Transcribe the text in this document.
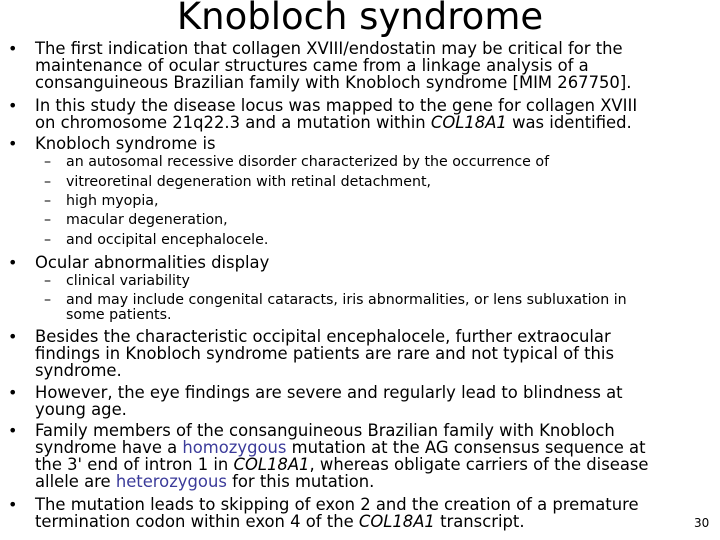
Knobloch syndrome
• The first indication that collagen XVIII/endostatin may be critical for the
maintenance of ocular structures came from a linkage analysis of a
consanguineous Brazilian family with Knobloch syndrome [MIM 267750].
• In this study the disease locus was mapped to the gene for collagen XVIII
on chromosome 21q22.3 and a mutation within COL18A1 was identified.
• Knobloch syndrome is
– an autosomal recessive disorder characterized by the occurrence of
– vitreoretinal degeneration with retinal detachment,
– high myopia,
– macular degeneration,
– and occipital encephalocele.
• Ocular abnormalities display
– clinical variability
– and may include congenital cataracts, iris abnormalities, or lens subluxation in
some patients.
• Besides the characteristic occipital encephalocele, further extraocular
findings in Knobloch syndrome patients are rare and not typical of this
syndrome.
• However, the eye findings are severe and regularly lead to blindness at
young age.
• Family members of the consanguineous Brazilian family with Knobloch
syndrome have a homozygous mutation at the AG consensus sequence at
the 3' end of intron 1 in COL18A1, whereas obligate carriers of the disease
allele are heterozygous for this mutation.
• The mutation leads to skipping of exon 2 and the creation of a premature
termination codon within exon 4 of the COL18A1 transcript.	30
